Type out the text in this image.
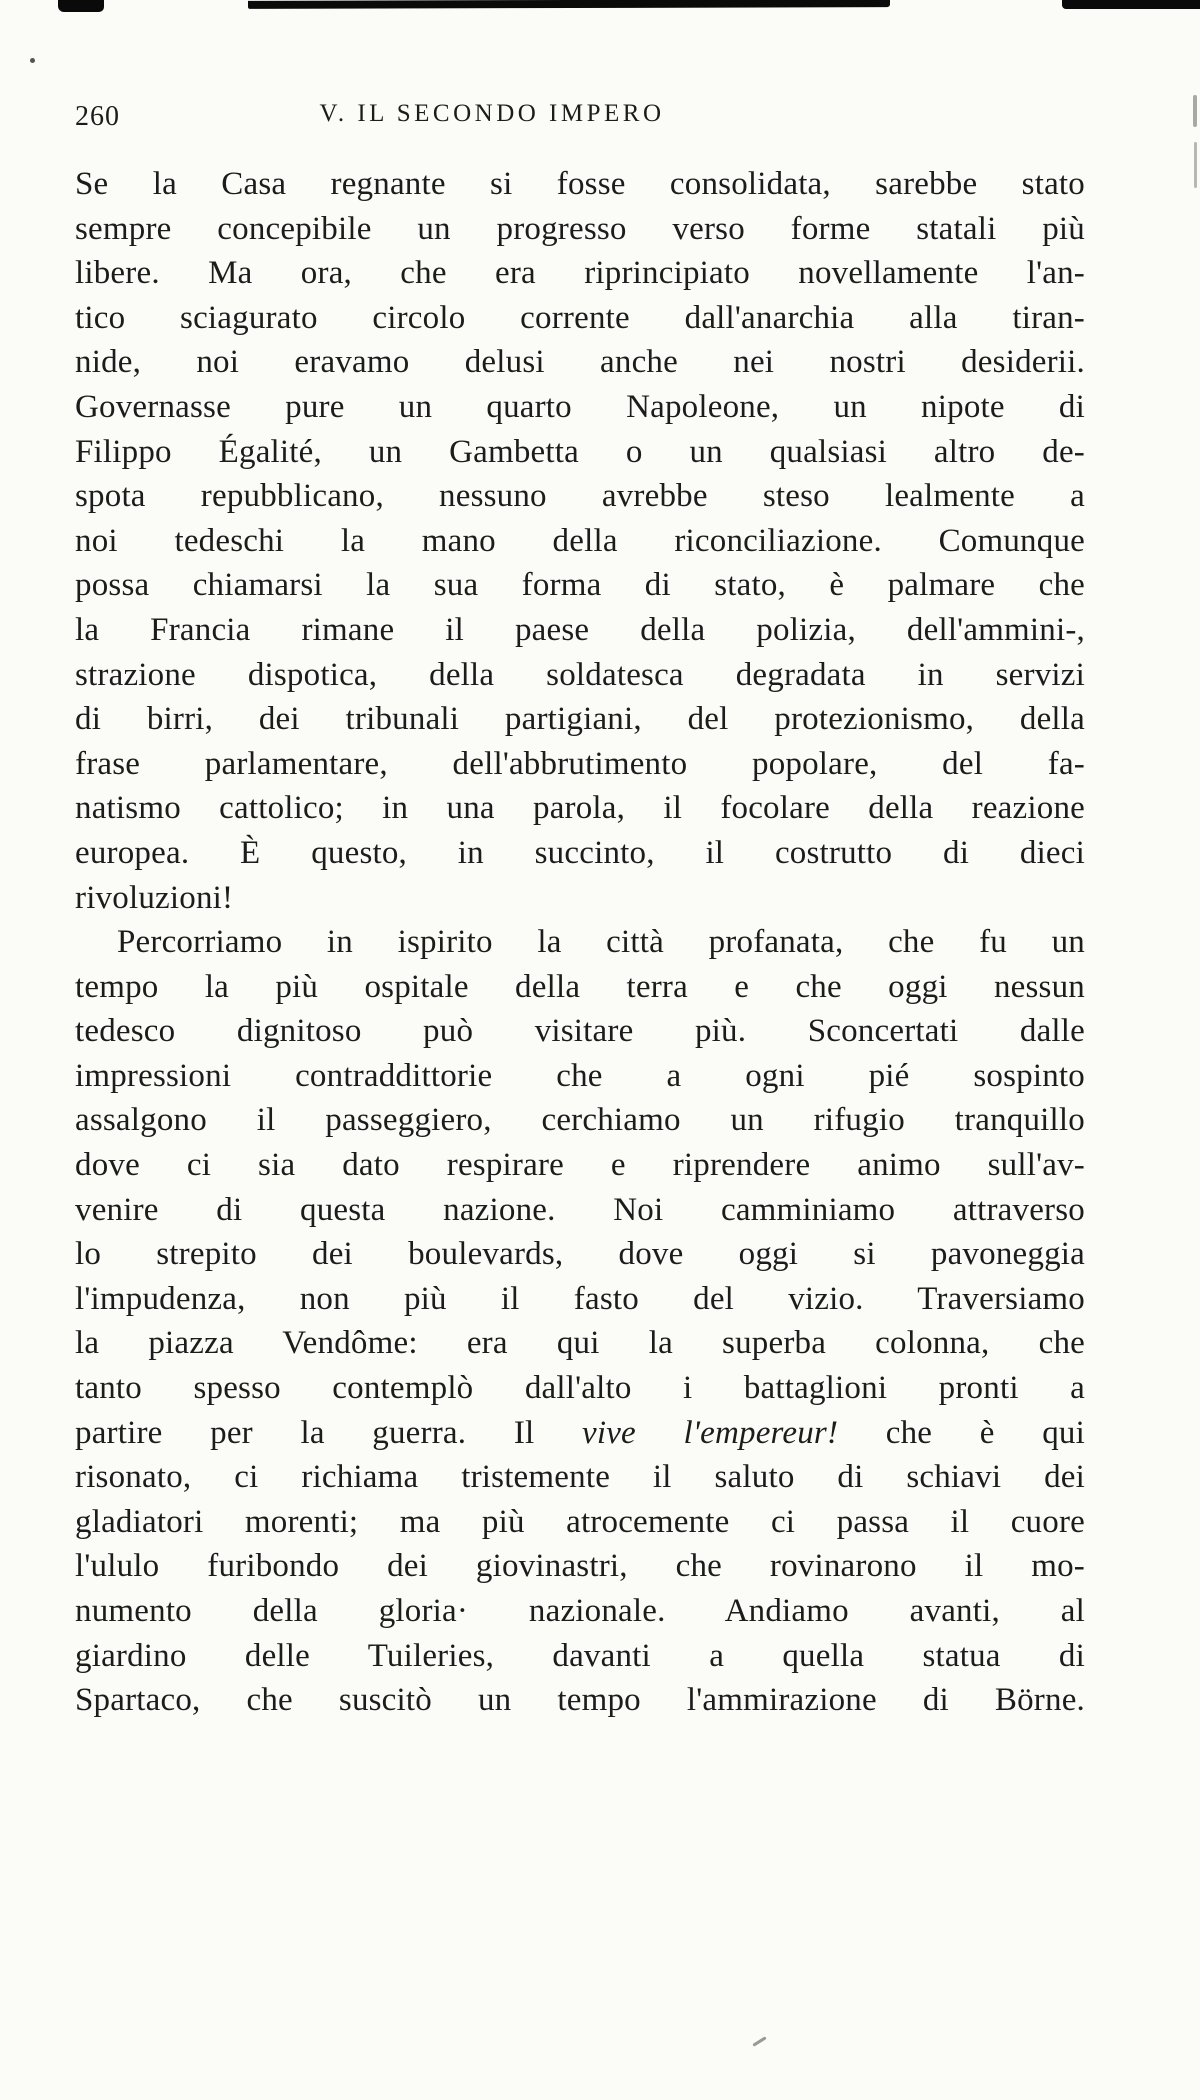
260	V. IL SECONDO IMPERO
Se la Casa regnante si fosse consolidata, sarebbe stato
sempre concepibile un progresso verso forme statali più
libere. Ma ora, che era riprincipiato novellamente l'an-
tico sciagurato circolo corrente dall'anarchia alla tiran-
nide, noi eravamo delusi anche nei nostri desiderii.
Governasse pure un quarto Napoleone, un nipote di
Filippo Égalité, un Gambetta o un qualsiasi altro de-
spota repubblicano, nessuno avrebbe steso lealmente a
noi tedeschi la mano della riconciliazione. Comunque
possa chiamarsi la sua forma di stato, è palmare che
la Francia rimane il paese della polizia, dell'ammini-,
strazione dispotica, della soldatesca degradata in servizi
di birri, dei tribunali partigiani, del protezionismo, della
frase parlamentare, dell'abbrutimento popolare, del fa-
natismo cattolico; in una parola, il focolare della reazione
europea. È questo, in succinto, il costrutto di dieci
rivoluzioni!
Percorriamo in ispirito la città profanata, che fu un
tempo la più ospitale della terra e che oggi nessun
tedesco dignitoso può visitare più. Sconcertati dalle
impressioni contraddittorie che a ogni pié sospinto
assalgono il passeggiero, cerchiamo un rifugio tranquillo
dove ci sia dato respirare e riprendere animo sull'av-
venire di questa nazione. Noi camminiamo attraverso
lo strepito dei boulevards, dove oggi si pavoneggia
l'impudenza, non più il fasto del vizio. Traversiamo
la piazza Vendôme: era qui la superba colonna, che
tanto spesso contemplò dall'alto i battaglioni pronti a
partire per la guerra. Il vive l'empereur! che è qui
risonato, ci richiama tristemente il saluto di schiavi dei
gladiatori morenti; ma più atrocemente ci passa il cuore
l'ululo furibondo dei giovinastri, che rovinarono il mo-
numento della gloria· nazionale. Andiamo avanti, al
giardino delle Tuileries, davanti a quella statua di
Spartaco, che suscitò un tempo l'ammirazione di Börne.
